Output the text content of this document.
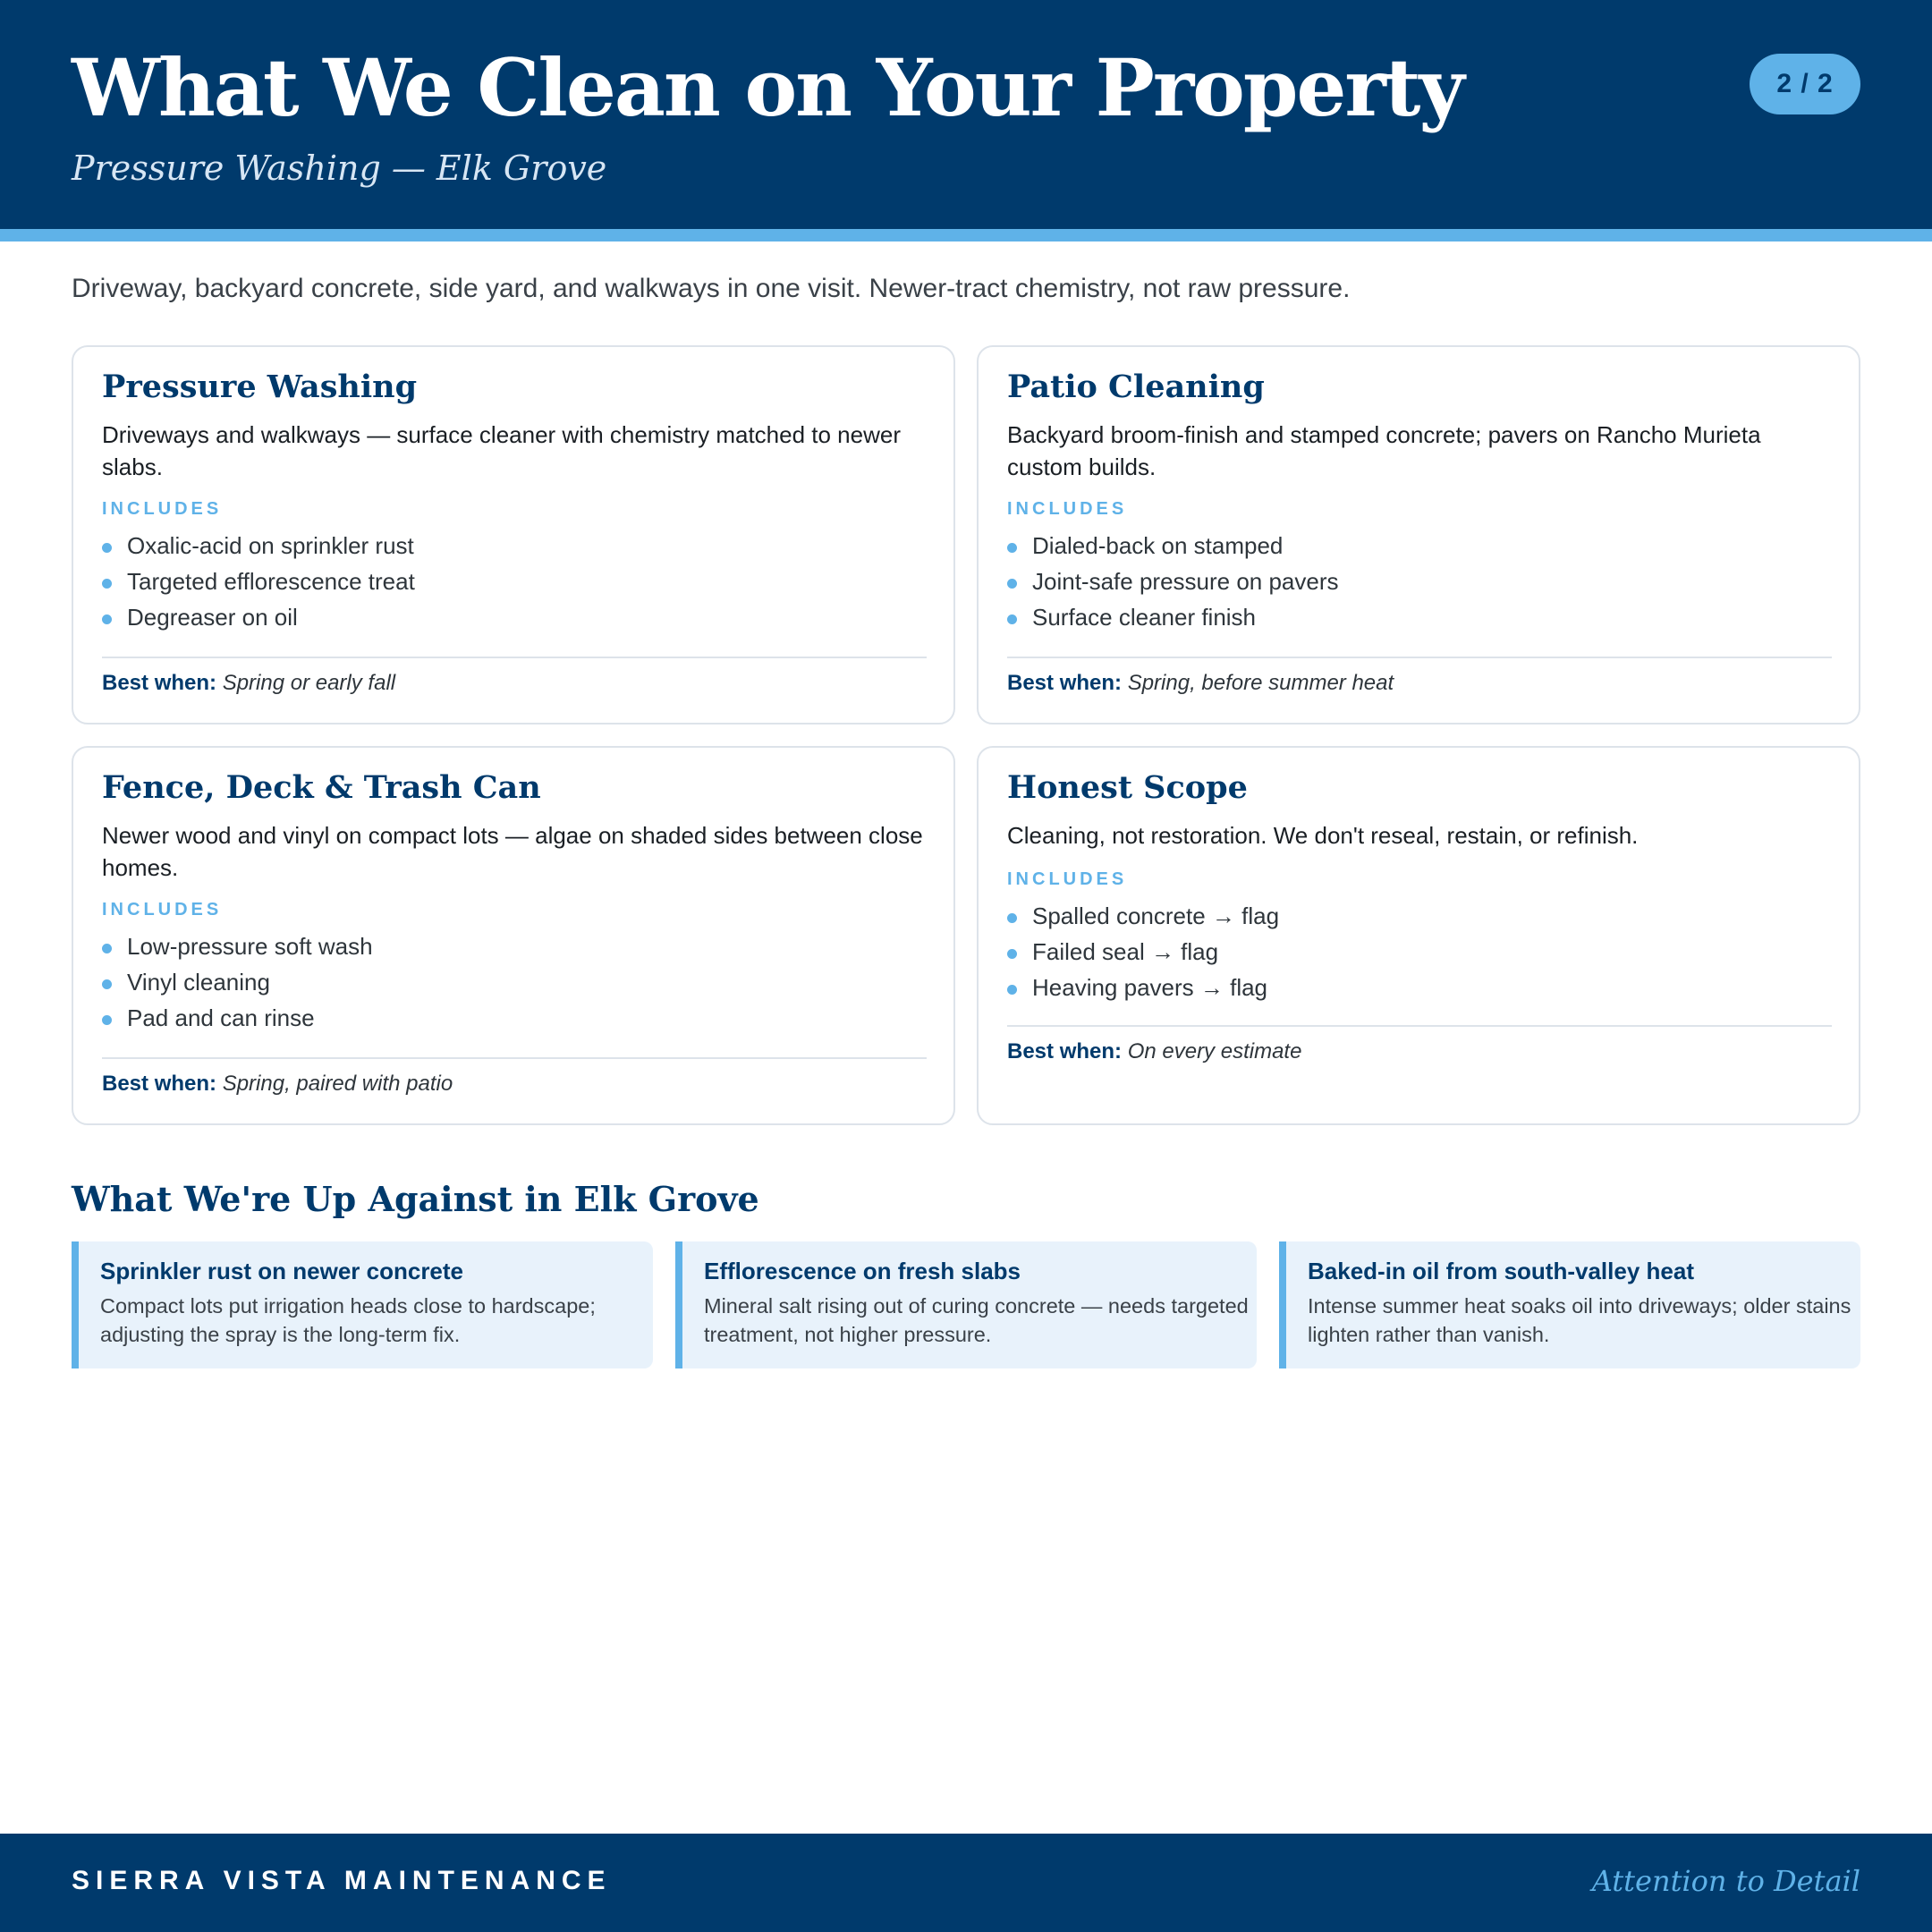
What We Clean on Your Property
Pressure Washing — Elk Grove
2 / 2

Driveway, backyard concrete, side yard, and walkways in one visit. Newer-tract chemistry, not raw pressure.

Pressure Washing

Driveways and walkways — surface cleaner with chemistry matched to newer slabs.

INCLUDES
Oxalic-acid on sprinkler rust
Targeted efflorescence treat
Degreaser on oil
Best when: Spring or early fall
Patio Cleaning

Backyard broom-finish and stamped concrete; pavers on Rancho Murieta custom builds.

INCLUDES
Dialed-back on stamped
Joint-safe pressure on pavers
Surface cleaner finish
Best when: Spring, before summer heat
Fence, Deck & Trash Can

Newer wood and vinyl on compact lots — algae on shaded sides between close homes.

INCLUDES
Low-pressure soft wash
Vinyl cleaning
Pad and can rinse
Best when: Spring, paired with patio
Honest Scope

Cleaning, not restoration. We don't reseal, restain, or refinish.

INCLUDES
Spalled concrete → flag
Failed seal → flag
Heaving pavers → flag
Best when: On every estimate
What We're Up Against in Elk Grove
Sprinkler rust on newer concrete

Compact lots put irrigation heads close to hardscape; adjusting the spray is the long-term fix.

Efflorescence on fresh slabs

Mineral salt rising out of curing concrete — needs targeted treatment, not higher pressure.

Baked-in oil from south-valley heat

Intense summer heat soaks oil into driveways; older stains lighten rather than vanish.

SIERRA VISTA MAINTENANCE	Attention to Detail
